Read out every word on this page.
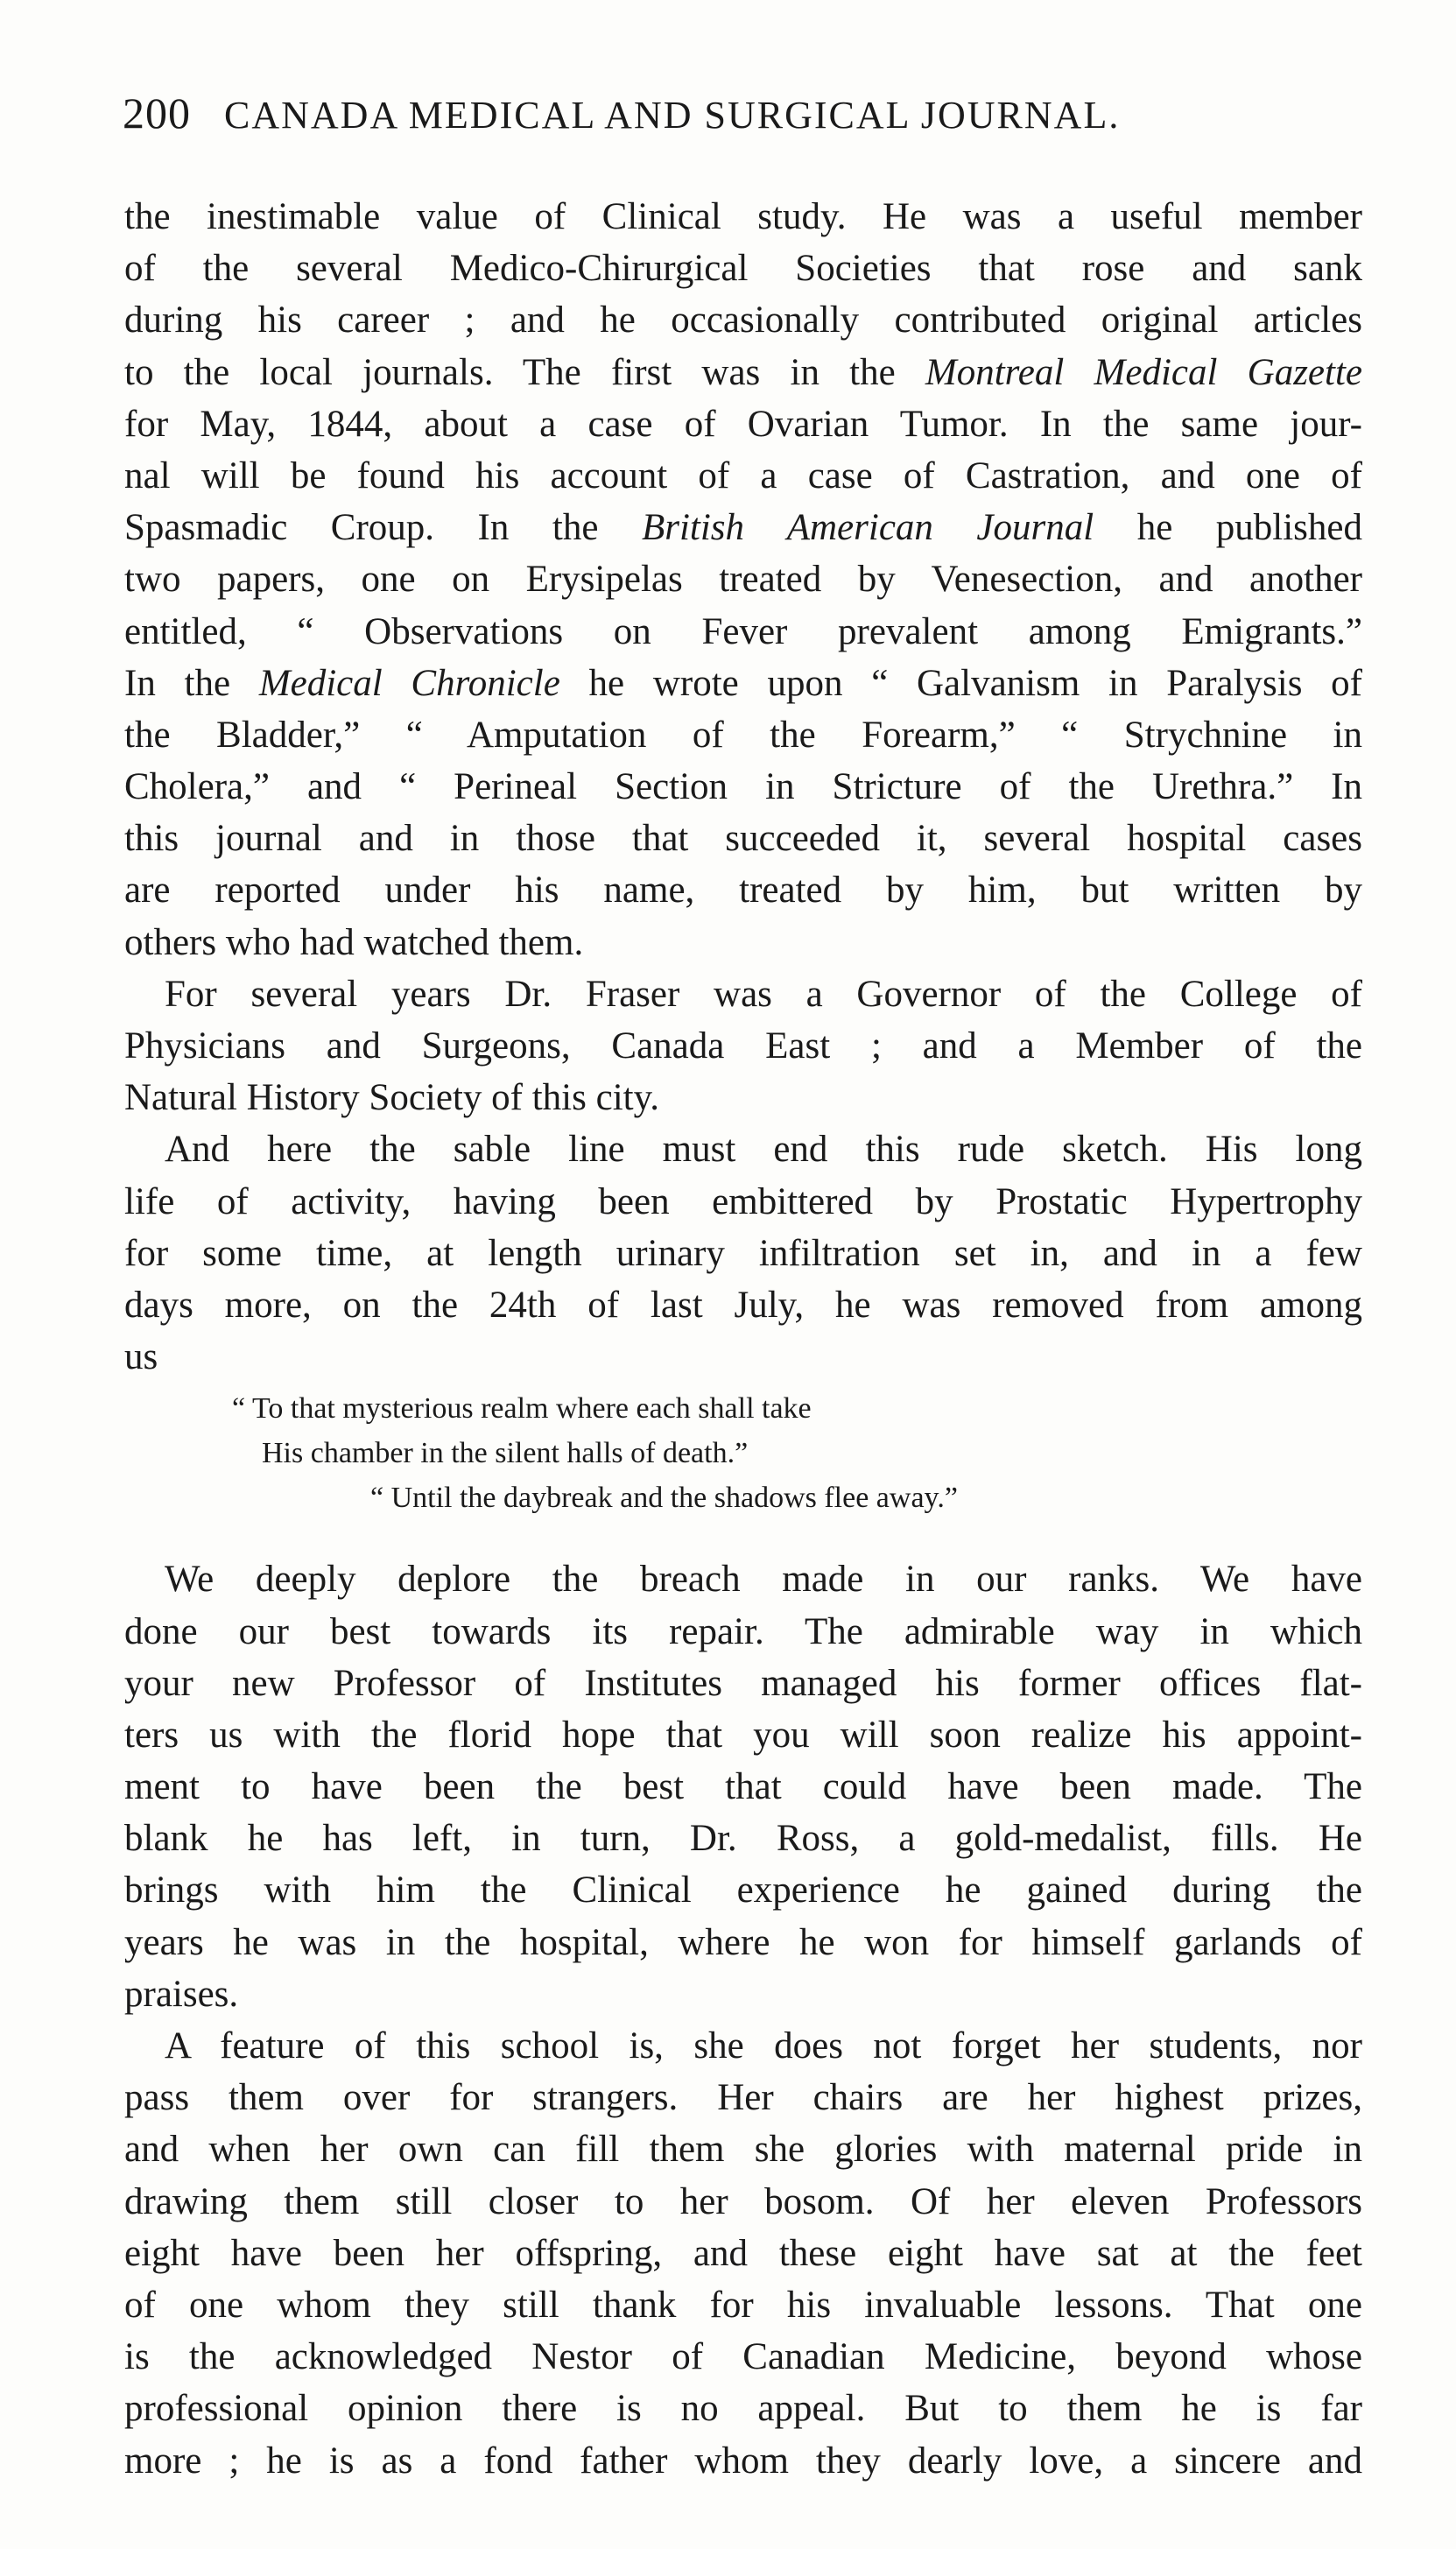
200 CANADA MEDICAL AND SURGICAL JOURNAL.
the inestimable value of Clinical study. He was a useful member
of the several Medico-Chirurgical Societies that rose and sank
during his career ; and he occasionally contributed original articles
to the local journals. The first was in the Montreal Medical Gazette
for May, 1844, about a case of Ovarian Tumor. In the same jour-
nal will be found his account of a case of Castration, and one of
Spasmadic Croup. In the British American Journal he published
two papers, one on Erysipelas treated by Venesection, and another
entitled, “ Observations on Fever prevalent among Emigrants.”
In the Medical Chronicle he wrote upon “ Galvanism in Paralysis of
the Bladder,” “ Amputation of the Forearm,” “ Strychnine in
Cholera,” and “ Perineal Section in Stricture of the Urethra.” In
this journal and in those that succeeded it, several hospital cases
are reported under his name, treated by him, but written by
others who had watched them.
For several years Dr. Fraser was a Governor of the College of
Physicians and Surgeons, Canada East ; and a Member of the
Natural History Society of this city.
And here the sable line must end this rude sketch. His long
life of activity, having been embittered by Prostatic Hypertrophy
for some time, at length urinary infiltration set in, and in a few
days more, on the 24th of last July, he was removed from among
us
“ To that mysterious realm where each shall take
His chamber in the silent halls of death.”
“ Until the daybreak and the shadows flee away.”
We deeply deplore the breach made in our ranks. We have
done our best towards its repair. The admirable way in which
your new Professor of Institutes managed his former offices flat-
ters us with the florid hope that you will soon realize his appoint-
ment to have been the best that could have been made. The
blank he has left, in turn, Dr. Ross, a gold-medalist, fills. He
brings with him the Clinical experience he gained during the
years he was in the hospital, where he won for himself garlands of
praises.
A feature of this school is, she does not forget her students, nor
pass them over for strangers. Her chairs are her highest prizes,
and when her own can fill them she glories with maternal pride in
drawing them still closer to her bosom. Of her eleven Professors
eight have been her offspring, and these eight have sat at the feet
of one whom they still thank for his invaluable lessons. That one
is the acknowledged Nestor of Canadian Medicine, beyond whose
professional opinion there is no appeal. But to them he is far
more ; he is as a fond father whom they dearly love, a sincere and
